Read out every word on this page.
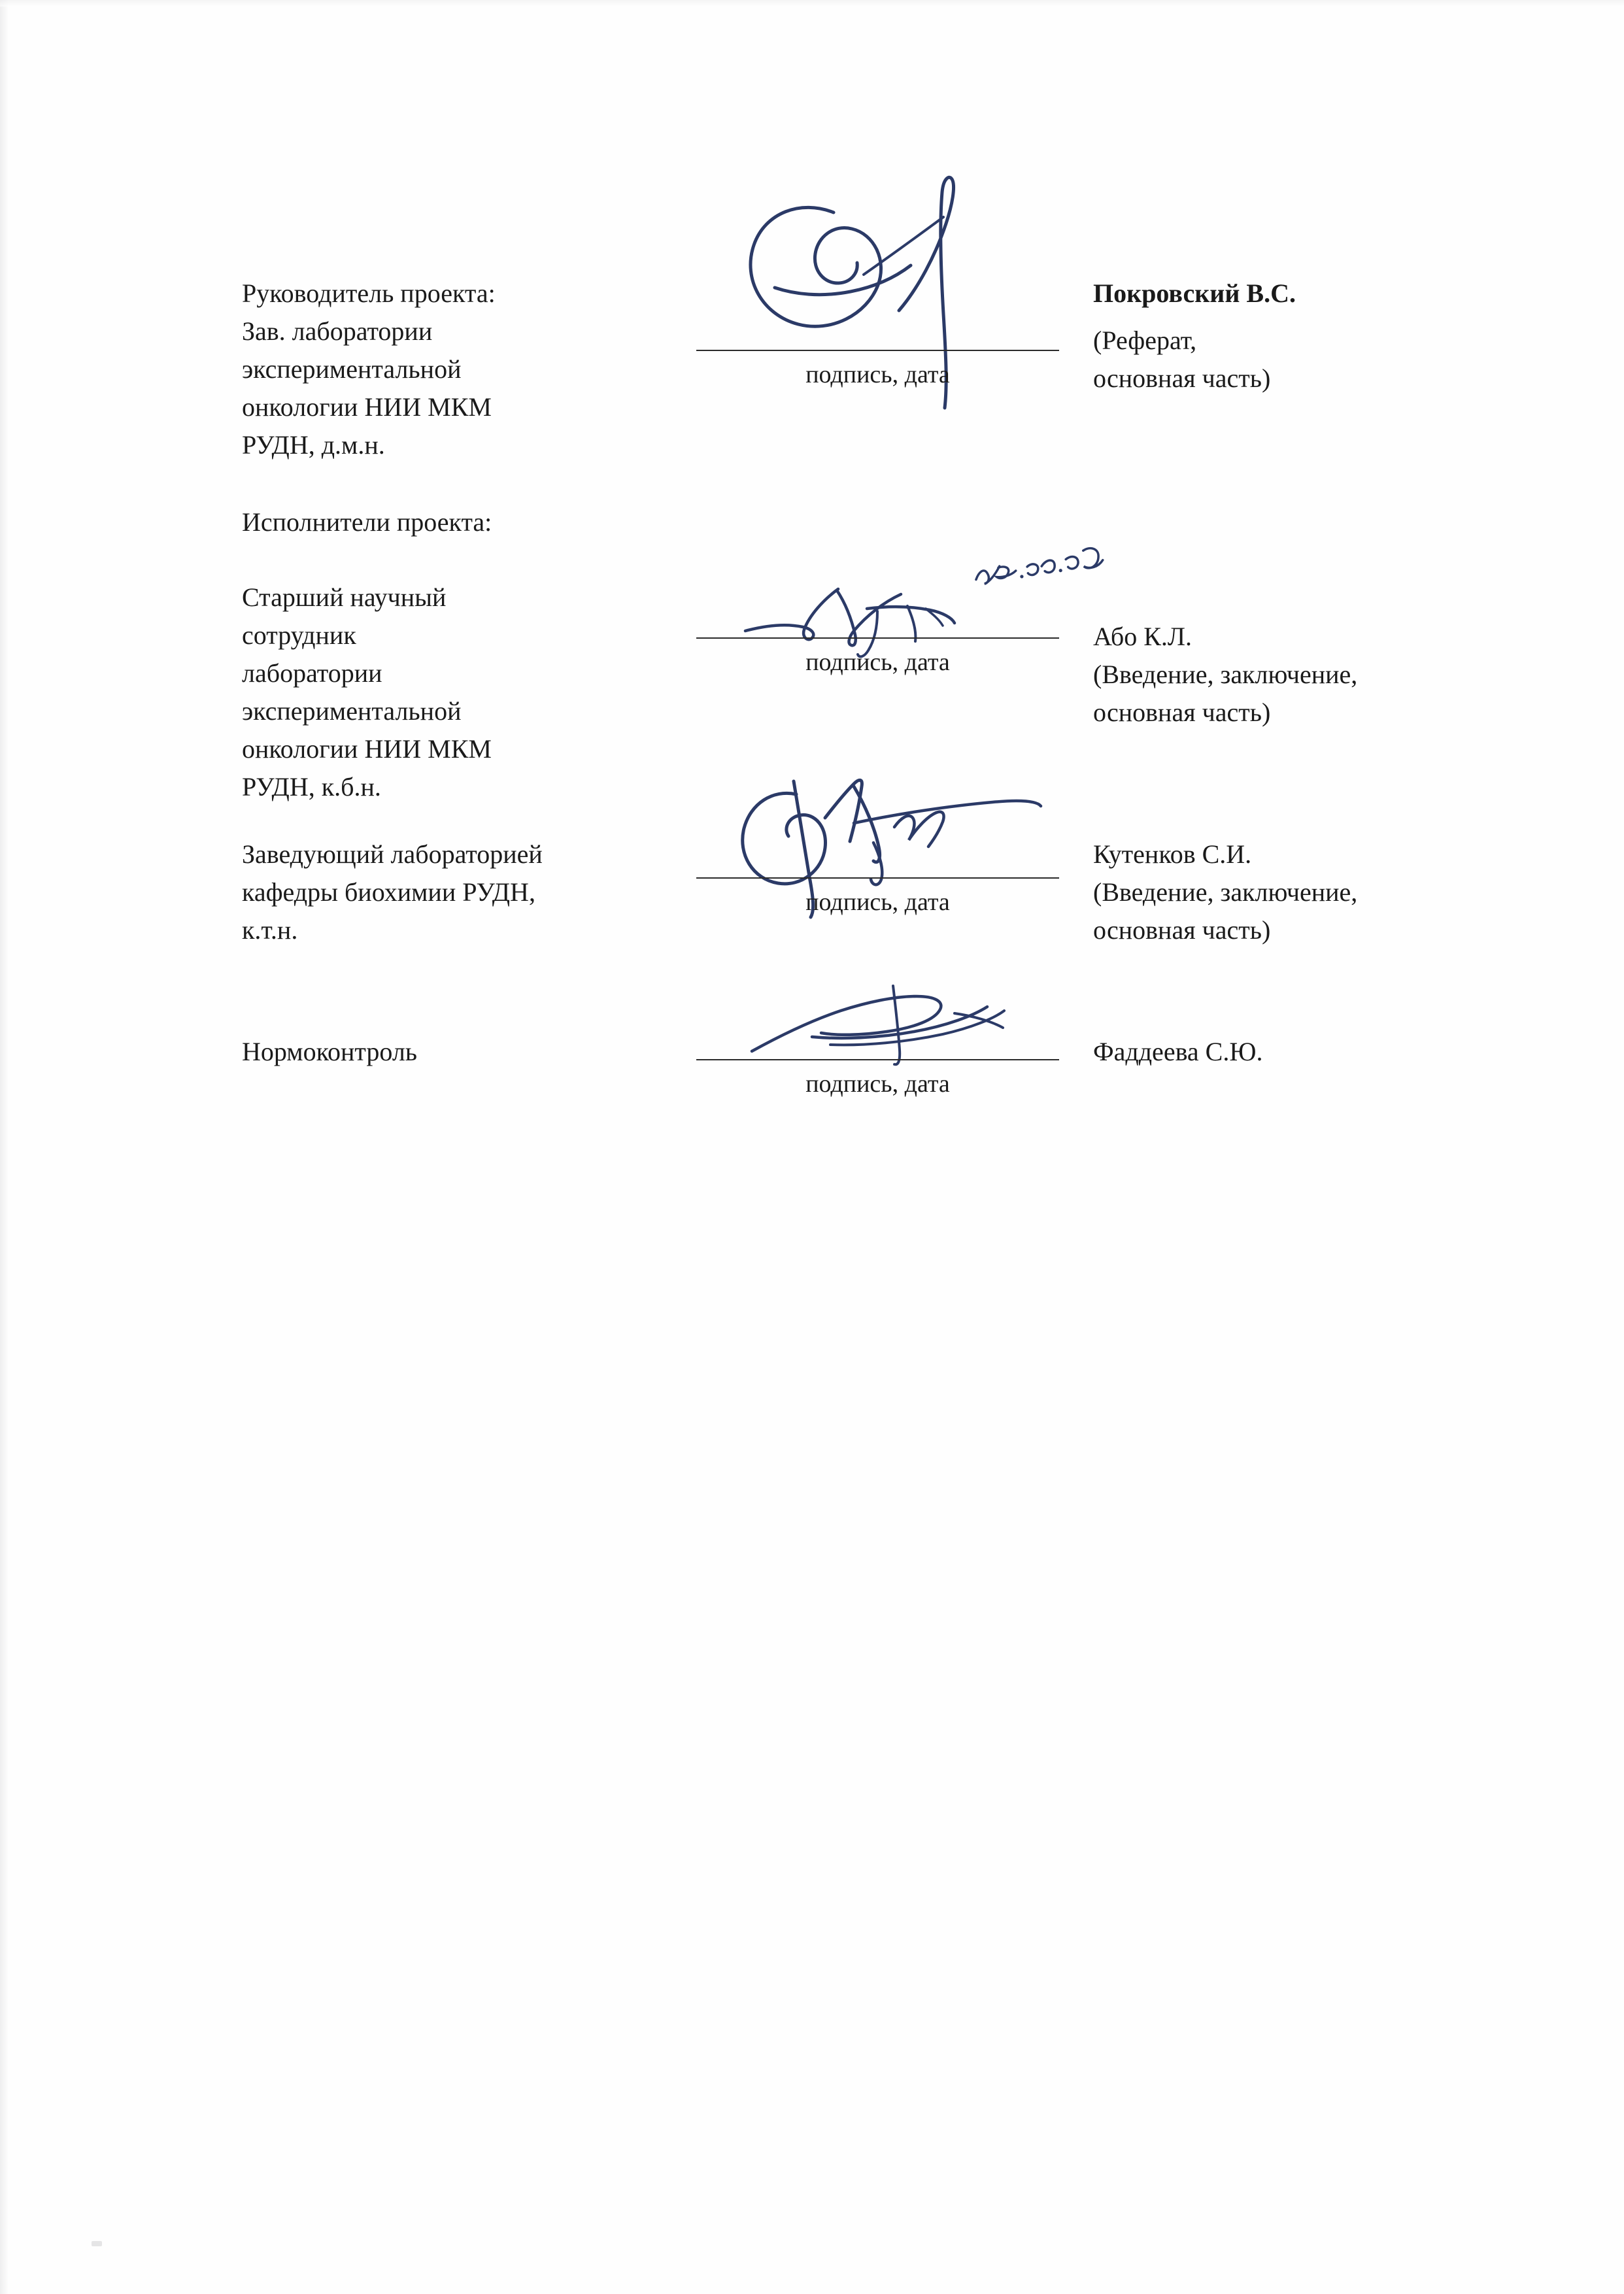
Руководитель проекта:
Зав. лаборатории
экспериментальной
онкологии НИИ МКМ
РУДН, д.м.н.
подпись, дата
Покровский В.С.
(Реферат,
основная часть)
Исполнители проекта:
Старший научный
сотрудник
лаборатории
экспериментальной
онкологии НИИ МКМ
РУДН, к.б.н.
подпись, дата
Або К.Л.
(Введение, заключение,
основная часть)
Заведующий лабораторией
кафедры биохимии РУДН,
к.т.н.
подпись, дата
Кутенков С.И.
(Введение, заключение,
основная часть)
Нормоконтроль
подпись, дата
Фаддеева С.Ю.
